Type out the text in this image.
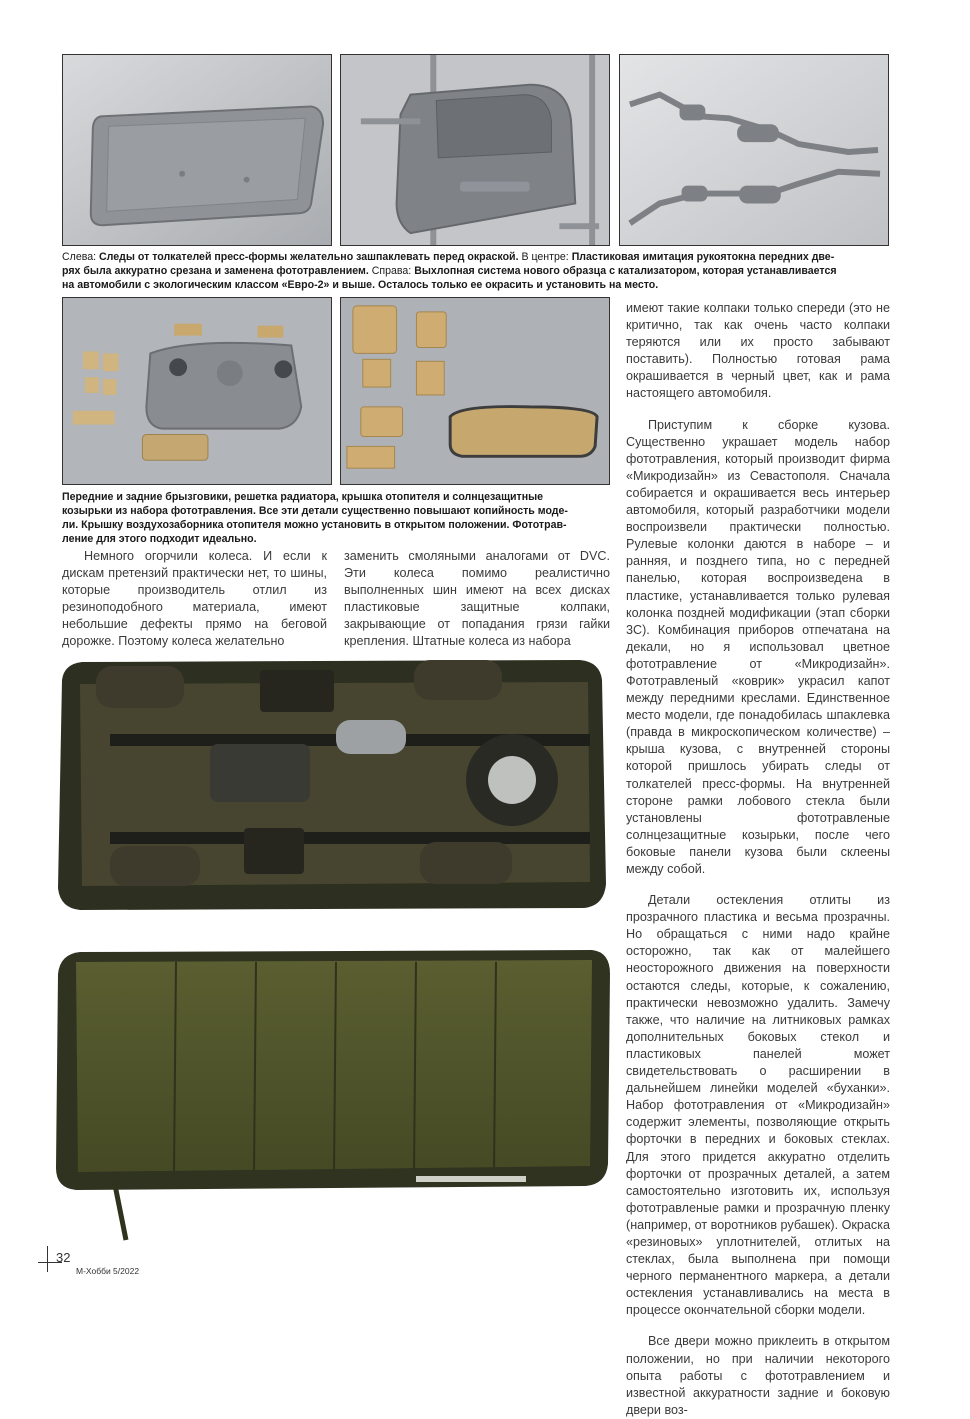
Слева: Следы от толкателей пресс-формы желательно зашпаклевать перед окраской. В центре: Пластиковая имитация рукоятокна передних две-
рях была аккуратно срезана и заменена фототравлением. Справа: Выхлопная система нового образца с катализатором, которая устанавливается
на автомобили с экологическим классом «Евро-2» и выше. Осталось только ее окрасить и установить на место.
Передние и задние брызговики, решетка радиатора, крышка отопителя и солнцезащитные
козырьки из набора фототравления. Все эти детали существенно повышают копийность моде-
ли. Крышку воздухозаборника отопителя можно установить в открытом положении. Фототрав-
ление для этого подходит идеально.

Немного огорчили колеса. И если к дискам претензий практически нет, то шины, которые производитель отлил из резиноподобного материала, имеют небольшие дефекты прямо на беговой дорожке. Поэтому колеса желательно

заменить смоляными аналогами от DVC. Эти колеса помимо реалистично выполненных шин имеют на всех дисках пластиковые защитные колпаки, закрывающие от попадания грязи гайки крепления. Штатные колеса из набора

имеют такие колпаки только спереди (это не критично, так как очень часто колпаки теряются или их просто забывают поставить). Полностью готовая рама окрашивается в черный цвет, как и рама настоящего автомобиля.

Приступим к сборке кузова. Существенно украшает модель набор фототравления, который производит фирма «Микродизайн» из Севастополя. Сначала собирается и окрашивается весь интерьер автомобиля, который разработчики модели воспроизвели практически полностью. Рулевые колонки даются в наборе – и ранняя, и позднего типа, но с передней панелью, которая воспроизведена в пластике, устанавливается только рулевая колонка поздней модификации (этап сборки 3С). Комбинация приборов отпечатана на декали, но я использовал цветное фототравление от «Микродизайн». Фототравленый «коврик» украсил капот между передними креслами. Единственное место модели, где понадобилась шпаклевка (правда в микроскопическом количестве) – крыша кузова, с внутренней стороны которой пришлось убирать следы от толкателей пресс-формы. На внутренней стороне рамки лобового стекла были установлены фототравленые солнцезащитные козырьки, после чего боковые панели кузова были склеены между собой.

Детали остекления отлиты из прозрачного пластика и весьма прозрачны. Но обращаться с ними надо крайне осторожно, так как от малейшего неосторожного движения на поверхности остаются следы, которые, к сожалению, практически невозможно удалить. Замечу также, что наличие на литниковых рамках дополнительных боковых стекол и пластиковых панелей может свидетельствовать о расширении в дальнейшем линейки моделей «буханки». Набор фототравления от «Микродизайн» содержит элементы, позволяющие открыть форточки в передних и боковых стеклах. Для этого придется аккуратно отделить форточки от прозрачных деталей, а затем самостоятельно изготовить их, используя фототравленые рамки и прозрачную пленку (например, от воротников рубашек). Окраска «резиновых» уплотнителей, отлитых на стеклах, была выполнена при помощи черного перманентного маркера, а детали остекления устанавливались на места в процессе окончательной сборки модели.

Все двери можно приклеить в открытом положении, но при наличии некоторого опыта работы с фототравлением и известной аккуратности задние и боковую двери воз-

32
М-Хобби 5/2022
